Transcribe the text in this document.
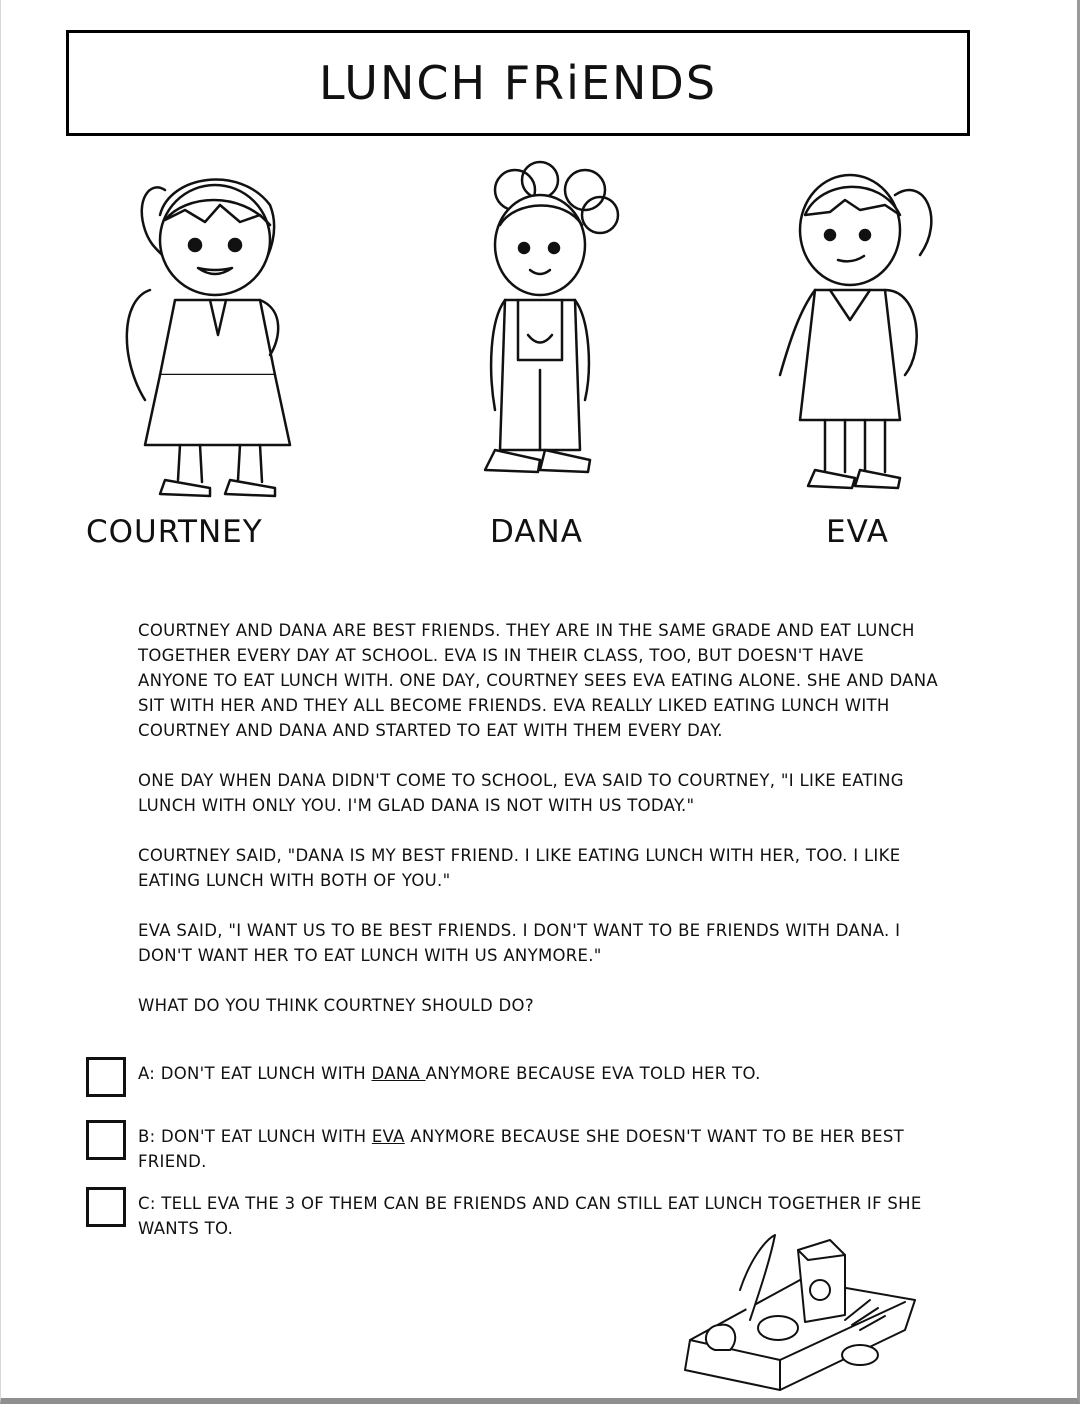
LUNCH FRiENDS
COURTNEY	DANA	EVA

COURTNEY AND DANA ARE BEST FRIENDS. THEY ARE IN THE SAME GRADE AND EAT LUNCH TOGETHER EVERY DAY AT SCHOOL. EVA IS IN THEIR CLASS, TOO, BUT DOESN'T HAVE ANYONE TO EAT LUNCH WITH. ONE DAY, COURTNEY SEES EVA EATING ALONE. SHE AND DANA SIT WITH HER AND THEY ALL BECOME FRIENDS. EVA REALLY LIKED EATING LUNCH WITH COURTNEY AND DANA AND STARTED TO EAT WITH THEM EVERY DAY.

ONE DAY WHEN DANA DIDN'T COME TO SCHOOL, EVA SAID TO COURTNEY, "I LIKE EATING LUNCH WITH ONLY YOU. I'M GLAD DANA IS NOT WITH US TODAY."

COURTNEY SAID, "DANA IS MY BEST FRIEND. I LIKE EATING LUNCH WITH HER, TOO. I LIKE EATING LUNCH WITH BOTH OF YOU."

EVA SAID, "I WANT US TO BE BEST FRIENDS. I DON'T WANT TO BE FRIENDS WITH DANA. I DON'T WANT HER TO EAT LUNCH WITH US ANYMORE."

WHAT DO YOU THINK COURTNEY SHOULD DO?

A: DON'T EAT LUNCH WITH DANA ANYMORE BECAUSE EVA TOLD HER TO.
B: DON'T EAT LUNCH WITH EVA ANYMORE BECAUSE SHE DOESN'T WANT TO BE HER BEST FRIEND.
C: TELL EVA THE 3 OF THEM CAN BE FRIENDS AND CAN STILL EAT LUNCH TOGETHER IF SHE WANTS TO.
